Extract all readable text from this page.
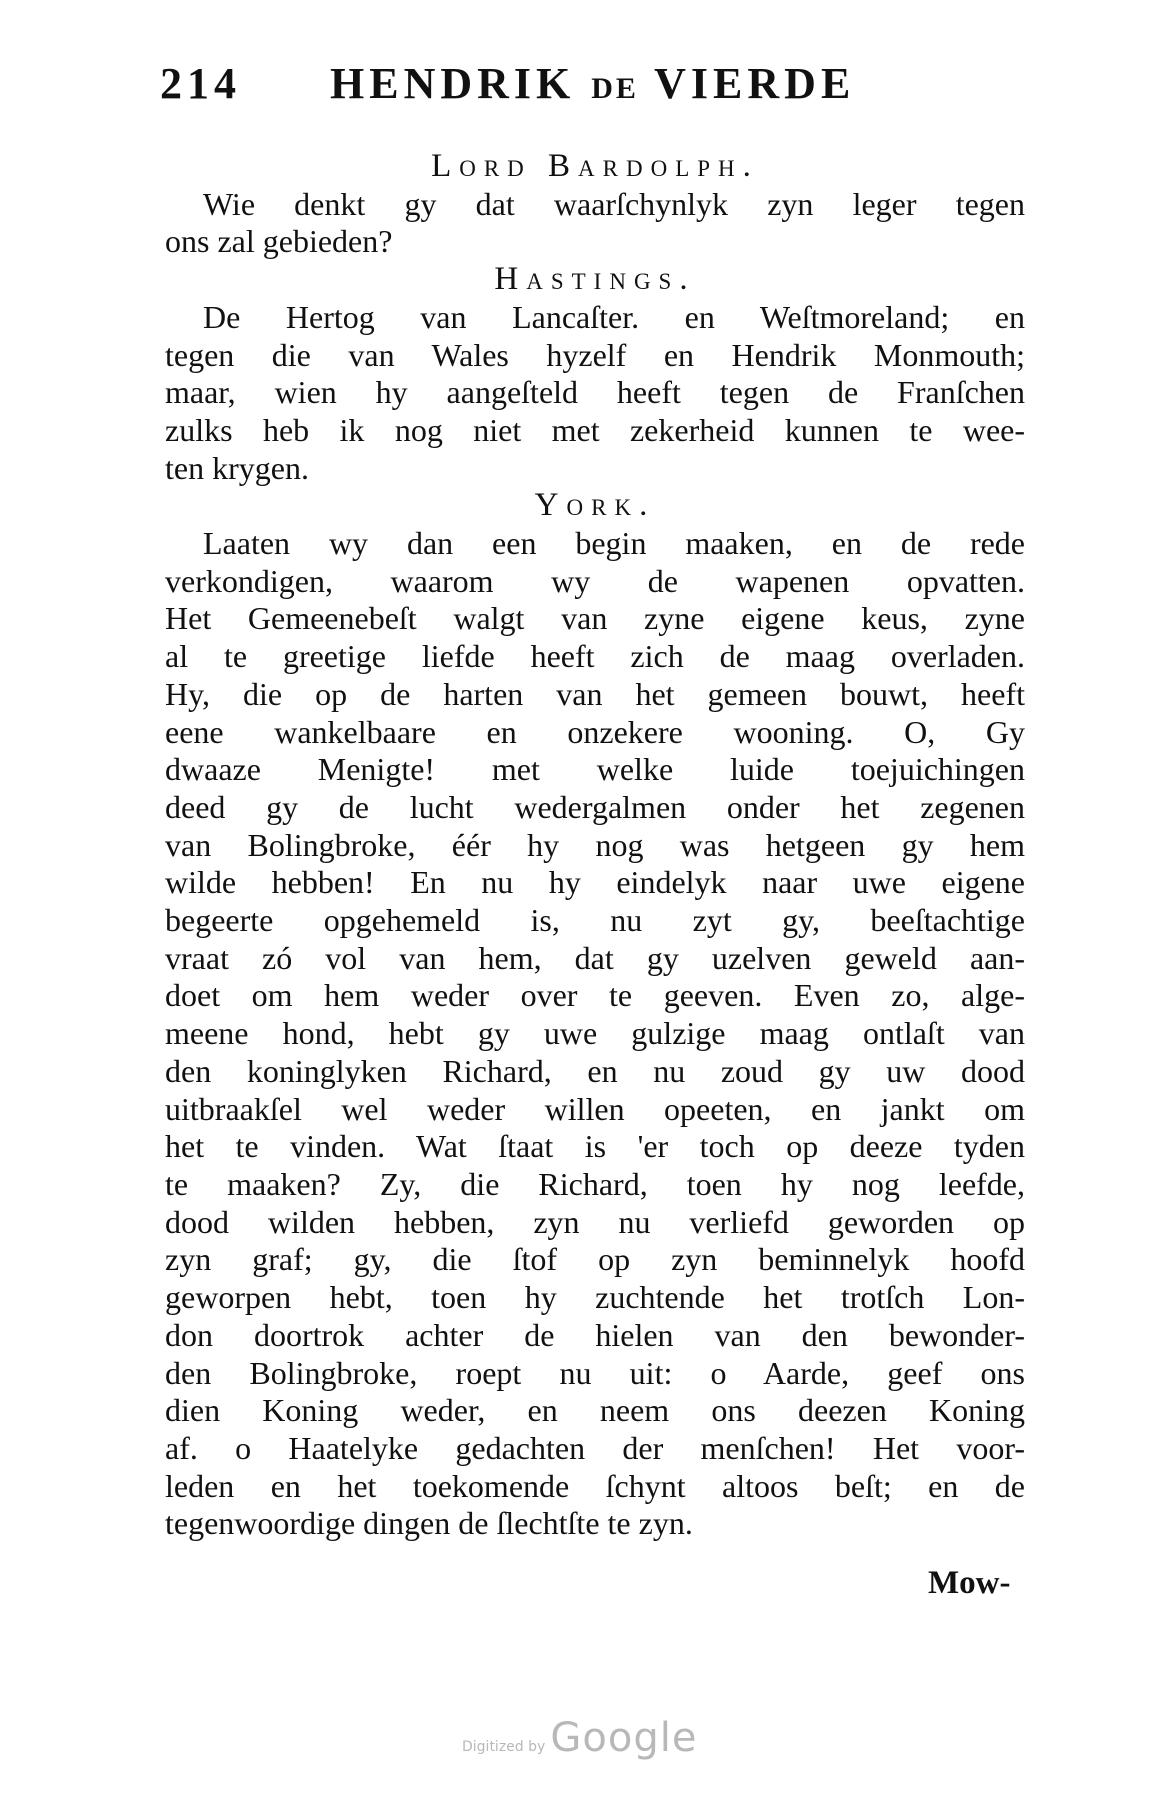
214 HENDRIK DE VIERDE
Lord Bardolph.
Wie denkt gy dat waarſchynlyk zyn leger tegen
ons zal gebieden?
Hastings.
De Hertog van Lancaſter. en Weſtmoreland; en
tegen die van Wales hyzelf en Hendrik Monmouth;
maar, wien hy aangeſteld heeft tegen de Franſchen
zulks heb ik nog niet met zekerheid kunnen te wee-
ten krygen.
York.
Laaten wy dan een begin maaken, en de rede
verkondigen, waarom wy de wapenen opvatten.
Het Gemeenebeſt walgt van zyne eigene keus, zyne
al te greetige liefde heeft zich de maag overladen.
Hy, die op de harten van het gemeen bouwt, heeft
eene wankelbaare en onzekere wooning. O, Gy
dwaaze Menigte! met welke luide toejuichingen
deed gy de lucht wedergalmen onder het zegenen
van Bolingbroke, éér hy nog was hetgeen gy hem
wilde hebben! En nu hy eindelyk naar uwe eigene
begeerte opgehemeld is, nu zyt gy, beeſtachtige
vraat zó vol van hem, dat gy uzelven geweld aan-
doet om hem weder over te geeven. Even zo, alge-
meene hond, hebt gy uwe gulzige maag ontlaſt van
den koninglyken Richard, en nu zoud gy uw dood
uitbraakſel wel weder willen opeeten, en jankt om
het te vinden. Wat ſtaat is 'er toch op deeze tyden
te maaken? Zy, die Richard, toen hy nog leefde,
dood wilden hebben, zyn nu verliefd geworden op
zyn graf; gy, die ſtof op zyn beminnelyk hoofd
geworpen hebt, toen hy zuchtende het trotſch Lon-
don doortrok achter de hielen van den bewonder-
den Bolingbroke, roept nu uit: o Aarde, geef ons
dien Koning weder, en neem ons deezen Koning
af. o Haatelyke gedachten der menſchen! Het voor-
leden en het toekomende ſchynt altoos beſt; en de
tegenwoordige dingen de ſlechtſte te zyn.
Mow-
Digitized by Google
